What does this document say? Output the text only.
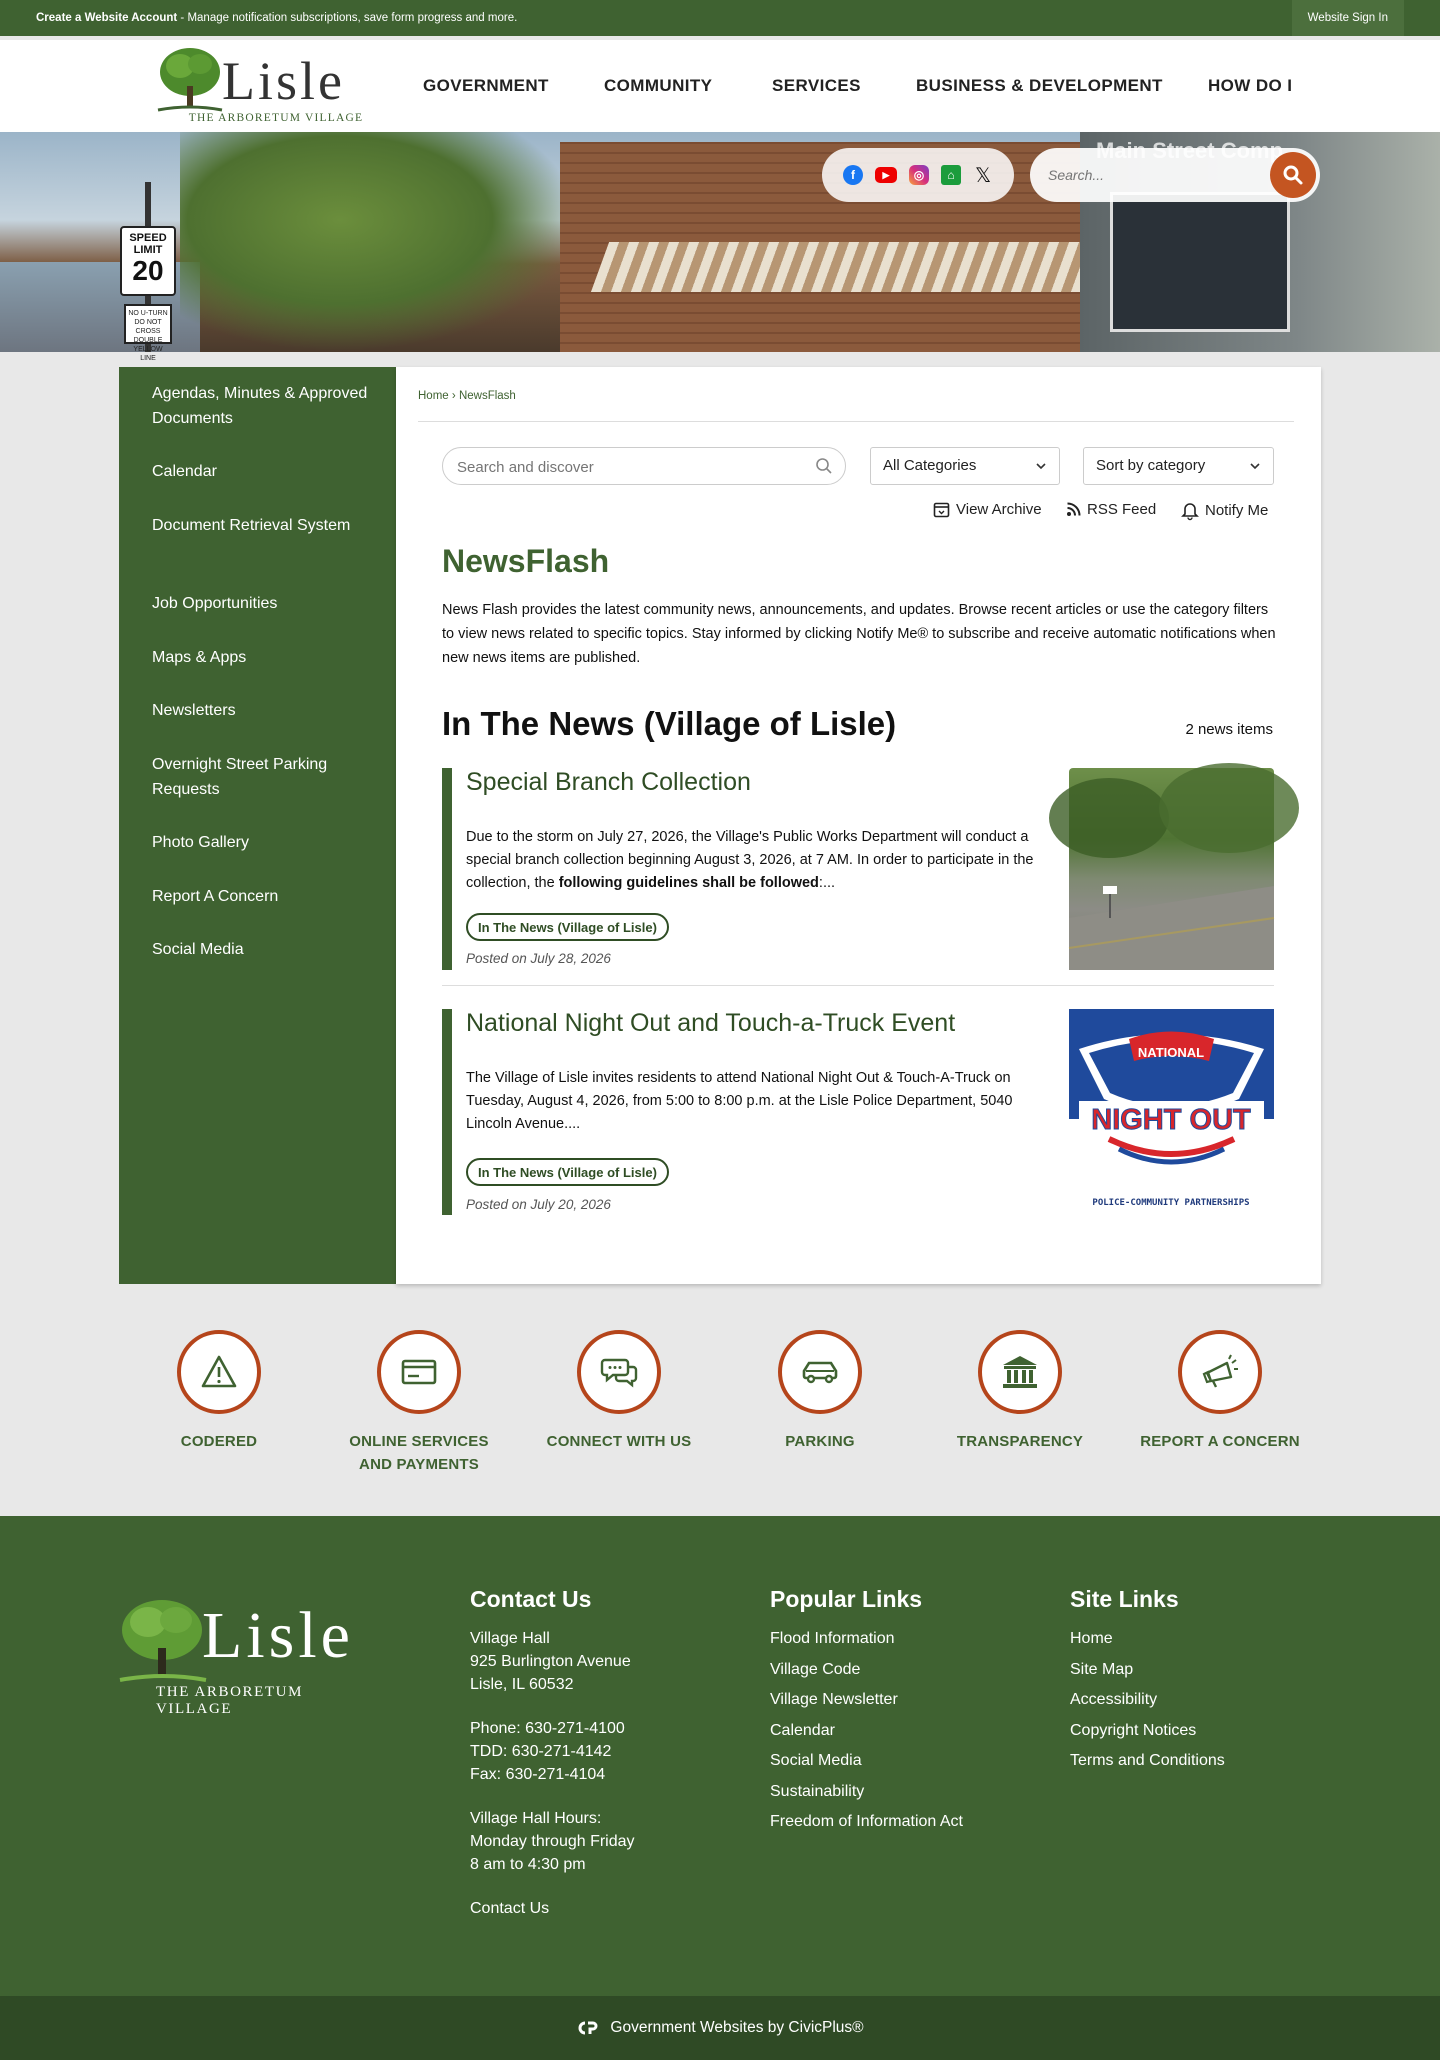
Create a Website Account - Manage notification subscriptions, save form progress and more.	Website Sign In
Lisle
THE ARBORETUM VILLAGE
GOVERNMENT	COMMUNITY	SERVICES	BUSINESS & DEVELOPMENT	HOW DO I
SPEED LIMIT
20
NO U-TURN DO NOT CROSS DOUBLE YELLOW LINE
f	▶	◎	⌂	𝕏
Search...
Agendas, Minutes & Approved Documents
Calendar
Document Retrieval System
Job Opportunities
Maps & Apps
Newsletters
Overnight Street Parking Requests
Photo Gallery
Report A Concern
Social Media
Home › NewsFlash
Search and discover
All Categories	Sort by category
View Archive	RSS Feed	Notify Me
NewsFlash

News Flash provides the latest community news, announcements, and updates. Browse recent articles or use the category filters to view news related to specific topics. Stay informed by clicking Notify Me® to subscribe and receive automatic notifications when new news items are published.

In The News (Village of Lisle)	2 news items
Special Branch Collection

Due to the storm on July 27, 2026, the Village's Public Works Department will conduct a special branch collection beginning August 3, 2026, at 7 AM. In order to participate in the collection, the following guidelines shall be followed:...

In The News (Village of Lisle)
Posted on July 28, 2026
National Night Out and Touch-a-Truck Event

The Village of Lisle invites residents to attend National Night Out & Touch-A-Truck on Tuesday, August 4, 2026, from 5:00 to 8:00 p.m. at the Lisle Police Department, 5040 Lincoln Avenue....

In The News (Village of Lisle)
Posted on July 20, 2026
NATIONAL
NIGHT OUT
POLICE-COMMUNITY PARTNERSHIPS
CODERED	ONLINE SERVICES AND PAYMENTS
CONNECT WITH US	PARKING	TRANSPARENCY	REPORT A CONCERN
Lisle
THE ARBORETUM VILLAGE
Contact Us
Village Hall
925 Burlington Avenue
Lisle, IL 60532
Phone: 630-271-4100
TDD: 630-271-4142
Fax: 630-271-4104
Village Hall Hours:
Monday through Friday
8 am to 4:30 pm
Contact Us
Popular Links
Flood Information
Village Code
Village Newsletter
Calendar
Social Media
Sustainability
Freedom of Information Act
Site Links
Home
Site Map
Accessibility
Copyright Notices
Terms and Conditions
Government Websites by CivicPlus®
